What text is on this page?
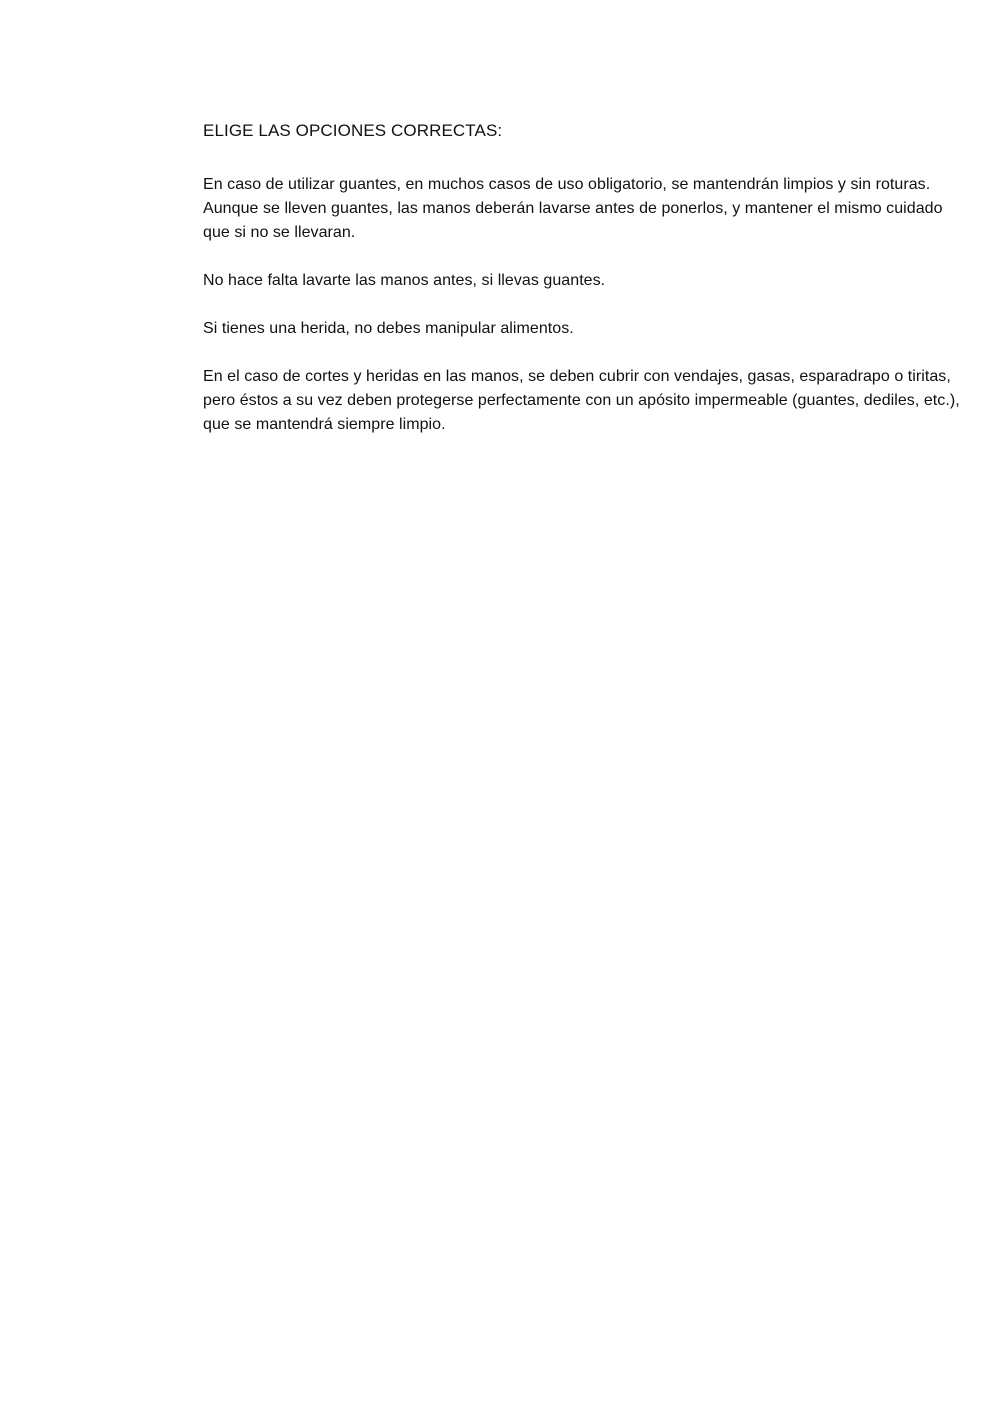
ELIGE LAS OPCIONES CORRECTAS:

En caso de utilizar guantes, en muchos casos de uso obligatorio, se mantendrán limpios y sin roturas. Aunque se lleven guantes, las manos deberán lavarse antes de ponerlos, y mantener el mismo cuidado que si no se llevaran.

No hace falta lavarte las manos antes, si llevas guantes.

Si tienes una herida, no debes manipular alimentos.

En el caso de cortes y heridas en las manos, se deben cubrir con vendajes, gasas, esparadrapo o tiritas, pero éstos a su vez deben protegerse perfectamente con un apósito impermeable (guantes, dediles, etc.), que se mantendrá siempre limpio.
